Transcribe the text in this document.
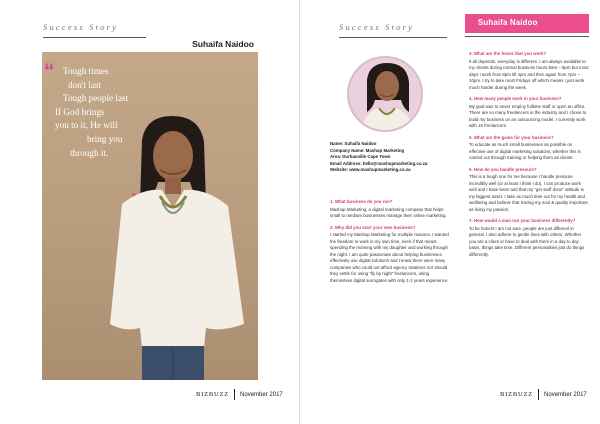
Success Story
Suhaifa Naidoo
“ Tough times
don't last
Tough people last
If God brings
you to it, He will
bring you
through it.
BIZBUZZ November 2017
Success Story	Suhaifa Naidoo
Name: Suhaifa Naidoo
Company Name: Mashup Marketing
Area: Durbanville Cape Town
Email Address: hello@mashupmarketing.co.za
Website: www.mashupmarketing.co.za
1. What business do you run?
Mashup Marketing, a digital marketing company that helps small to medium businesses manage their online marketing.
2. Why did you start your own business?
I started my Mashup Marketing for multiple reasons. I wanted the freedom to work in my own time, even if that meant spending the morning with my daughter and working through the night. I am quite passionate about helping businesses effectively use digital solutions and I knew there were many companies who could not afford agency retainers nor should they settle for using “fly by night” freelancers, using themselves digital surrogates with only 1-2 years experience.
3. What are the hours that you work?
It all depends, everyday is different. I am always available to my clients during normal business hours 8am – 5pm but most days I work from 8pm till 4pm and then again from 7pm – 10pm. I try to take most Fridays off which means I just work much harder during the week.
4. How many people work in your business?
My goal was to never employ fulltime staff or open an office. There are so many freelancers in the industry and I chose to build my business on an outsourcing model. I currently work with 15 freelancers.
5. What are the goals for your business?
To educate as much small businesses as possible on effective use of digital marketing solutions, whether this is carried out through training or helping them as clients.
6. How do you handle pressure?
This is a tough one for me because I handle pressure incredibly well (or at least I think I do). I can produce work well and I have been told that my “get stuff done” attitude is my biggest asset. I take as much time out for my health and wellbeing and believe that having my soul & quality important as living my passion.
7. How would a man run your business differently?
To be honest I am not sure, people are just different in general. I also adhere to gentle lines with others. Whether you are a client or have to deal with them in a day to day basis, things take time. Different personalities just do things differently.
BIZBUZZ November 2017
